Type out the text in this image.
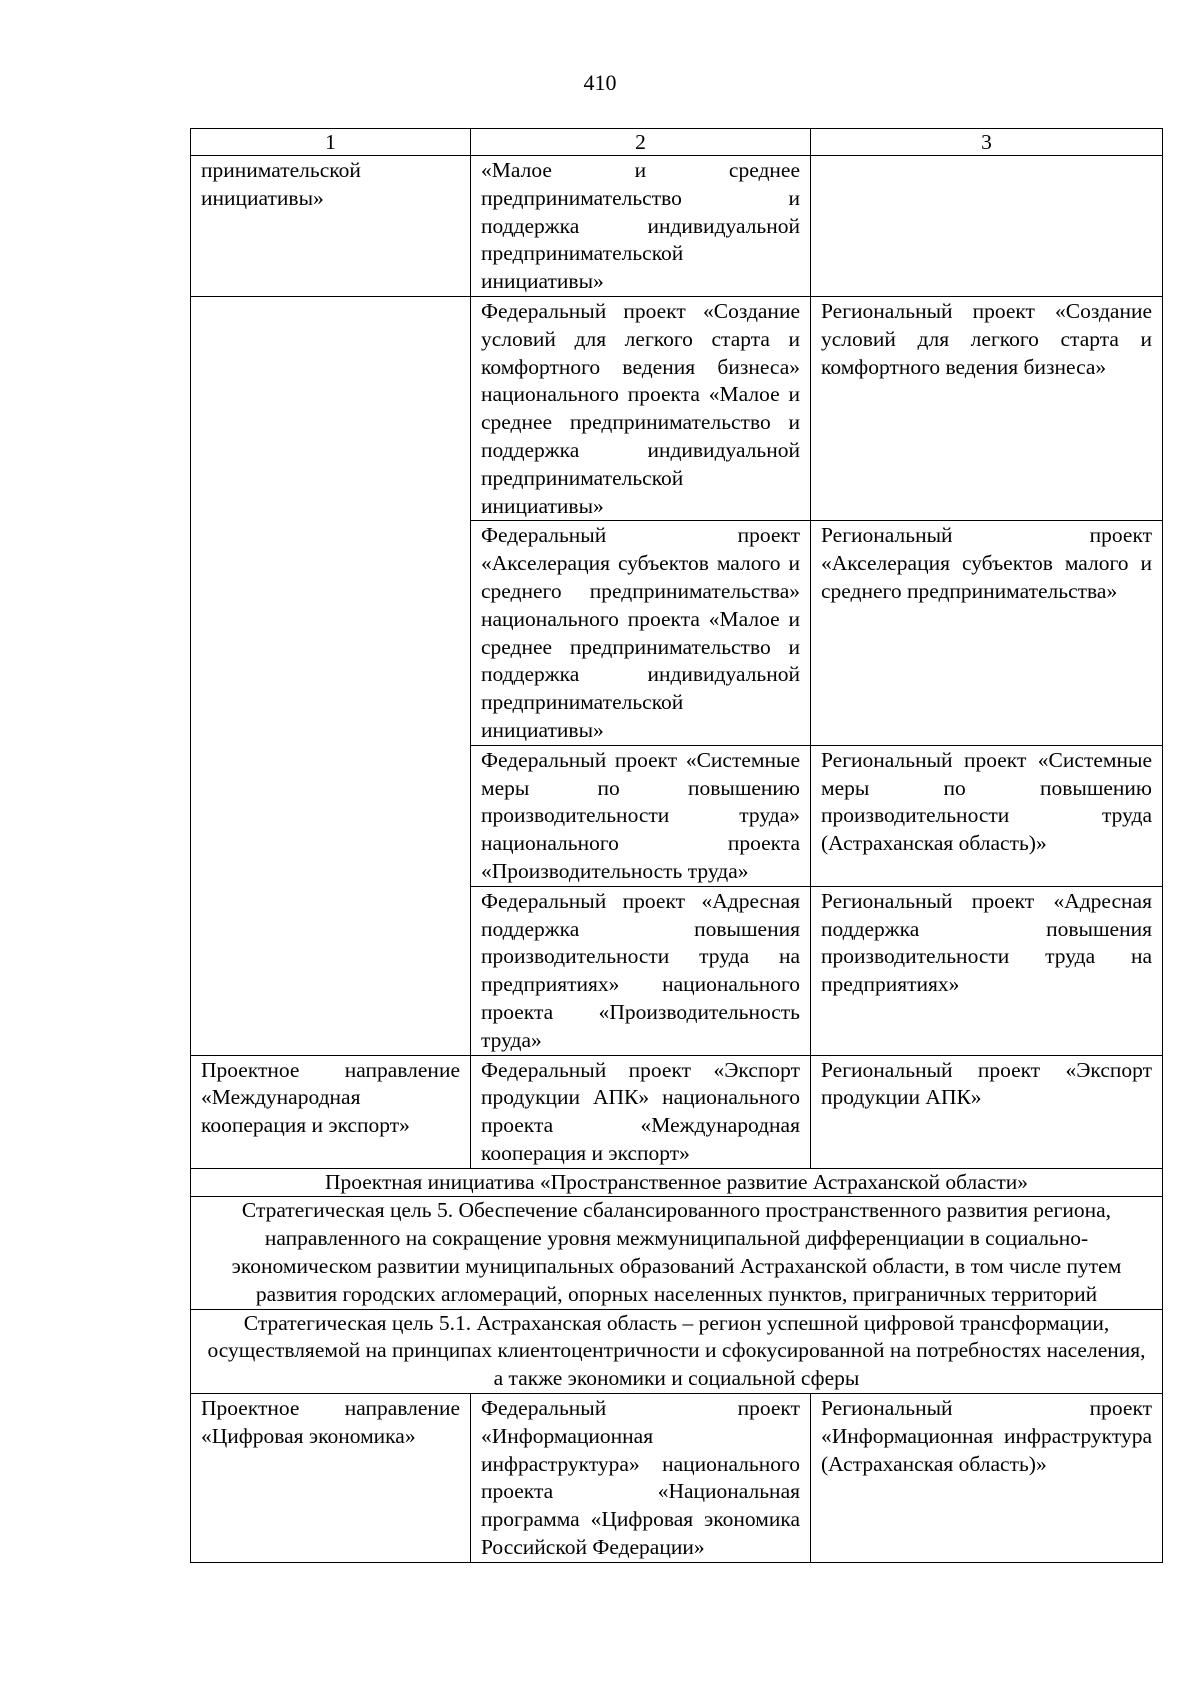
410
1	2	3
принимательской инициативы»	«Малое и среднее предпринимательство и поддержка индивидуальной предпринимательской инициативы»	
	Федеральный проект «Создание условий для легкого старта и комфортного ведения бизнеса» национального проекта «Малое и среднее предпринимательство и поддержка индивидуальной предпринимательской инициативы»	Региональный проект «Создание условий для легкого старта и комфортного ведения бизнеса»
	Федеральный проект «Акселерация субъектов малого и среднего предпринимательства» национального проекта «Малое и среднее предпринимательство и поддержка индивидуальной предпринимательской инициативы»	Региональный проект «Акселерация субъектов малого и среднего предпринимательства»
	Федеральный проект «Системные меры по повышению производительности труда» национального проекта «Производительность труда»	Региональный проект «Системные меры по повышению производительности труда (Астраханская область)»
	Федеральный проект «Адресная поддержка повышения производительности труда на предприятиях» национального проекта «Производительность труда»	Региональный проект «Адресная поддержка повышения производительности труда на предприятиях»
Проектное направление «Международная кооперация и экспорт»	Федеральный проект «Экспорт продукции АПК» национального проекта «Международная кооперация и экспорт»	Региональный проект «Экспорт продукции АПК»
Проектная инициатива «Пространственное развитие Астраханской области»		
Стратегическая цель 5. Обеспечение сбалансированного пространственного развития региона, направленного на сокращение уровня межмуниципальной дифференциации в социально-экономическом развитии муниципальных образований Астраханской области, в том числе путем развития городских агломераций, опорных населенных пунктов, приграничных территорий		
Стратегическая цель 5.1. Астраханская область – регион успешной цифровой трансформации, осуществляемой на принципах клиентоцентричности и сфокусированной на потребностях населения, а также экономики и социальной сферы		
Проектное направление «Цифровая экономика»	Федеральный проект «Информационная инфраструктура» национального проекта «Национальная программа «Цифровая экономика Российской Федерации»	Региональный проект «Информационная инфраструктура (Астраханская область)»
